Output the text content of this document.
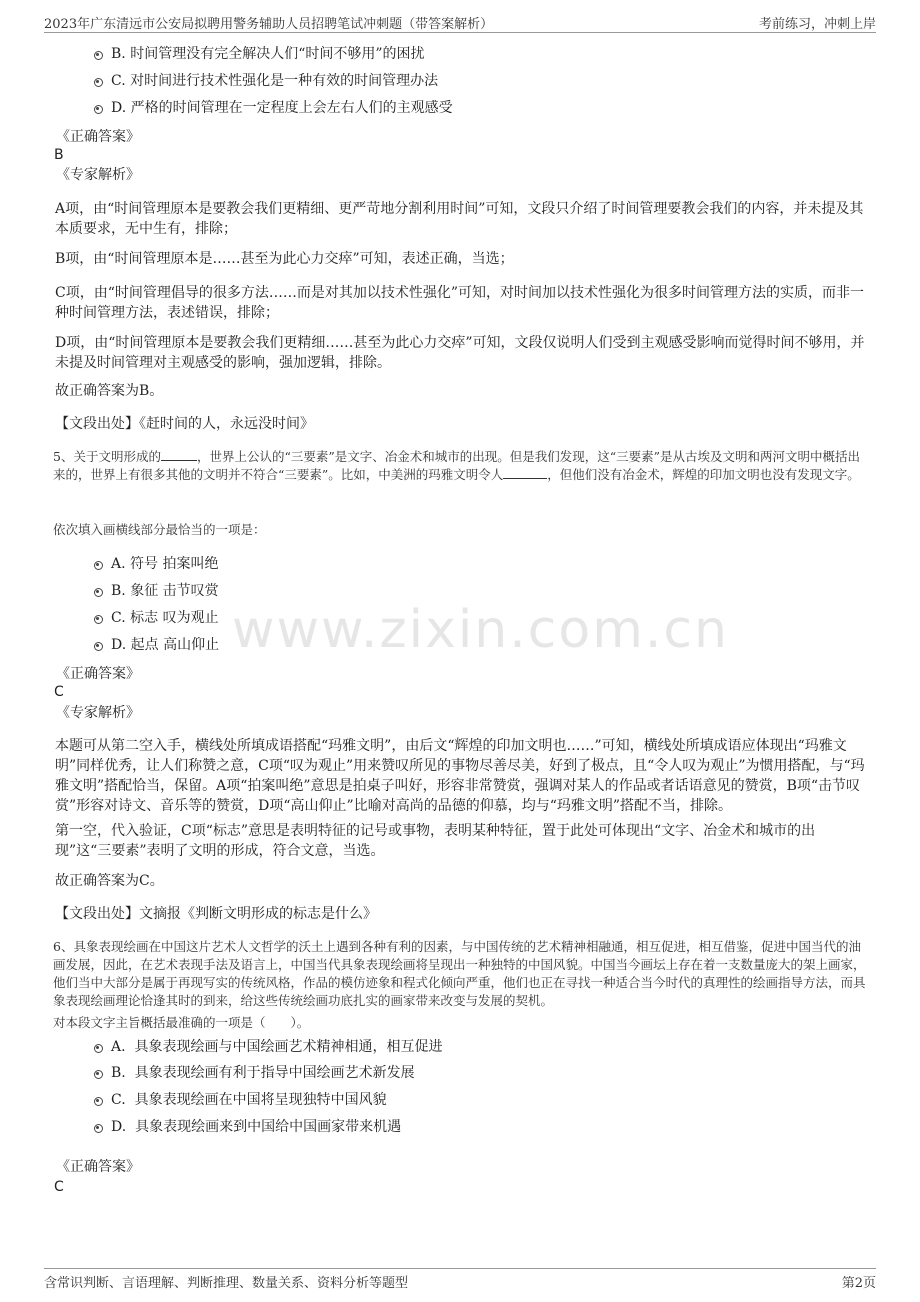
2023年广东清远市公安局拟聘用警务辅助人员招聘笔试冲刺题（带答案解析）	考前练习，冲刺上岸
www.zixin.com.cn
B. 时间管理没有完全解决人们“时间不够用”的困扰
C. 对时间进行技术性强化是一种有效的时间管理办法
D. 严格的时间管理在一定程度上会左右人们的主观感受
《正确答案》
B
《专家解析》
A项，由“时间管理原本是要教会我们更精细、更严苛地分割利用时间”可知，文段只介绍了时间管理要教会我们的内容，并未提及其本质要求，无中生有，排除；
B项，由“时间管理原本是……甚至为此心力交瘁”可知，表述正确，当选；
C项，由“时间管理倡导的很多方法……而是对其加以技术性强化”可知，对时间加以技术性强化为很多时间管理方法的实质，而非一种时间管理方法，表述错误，排除；
D项，由“时间管理原本是要教会我们更精细……甚至为此心力交瘁”可知，文段仅说明人们受到主观感受影响而觉得时间不够用，并未提及时间管理对主观感受的影响，强加逻辑，排除。
故正确答案为B。
【文段出处】《赶时间的人，永远没时间》
5、关于文明形成的	，世界上公认的“三要素”是文字、冶金术和城市的出现。但是我们发现，这“三要素”是从古埃及文明和两河文明中概括出来的，世界上有很多其他的文明并不符合“三要素”。比如，中美洲的玛雅文明令人	，但他们没有冶金术，辉煌的印加文明也没有发现文字。
依次填入画横线部分最恰当的一项是：
A. 符号 拍案叫绝
B. 象征 击节叹赏
C. 标志 叹为观止
D. 起点 高山仰止
《正确答案》
C
《专家解析》
本题可从第二空入手，横线处所填成语搭配“玛雅文明”，由后文“辉煌的印加文明也……”可知，横线处所填成语应体现出“玛雅文明”同样优秀，让人们称赞之意，C项“叹为观止”用来赞叹所见的事物尽善尽美，好到了极点，且“令人叹为观止”为惯用搭配，与“玛雅文明”搭配恰当，保留。A项“拍案叫绝”意思是拍桌子叫好，形容非常赞赏，强调对某人的作品或者话语意见的赞赏，B项“击节叹赏”形容对诗文、音乐等的赞赏，D项“高山仰止”比喻对高尚的品德的仰慕，均与“玛雅文明”搭配不当，排除。
第一空，代入验证，C项“标志”意思是表明特征的记号或事物，表明某种特征，置于此处可体现出“文字、冶金术和城市的出现”这“三要素”表明了文明的形成，符合文意，当选。
故正确答案为C。
【文段出处】文摘报《判断文明形成的标志是什么》
6、具象表现绘画在中国这片艺术人文哲学的沃土上遇到各种有利的因素，与中国传统的艺术精神相融通，相互促进，相互借鉴，促进中国当代的油画发展，因此，在艺术表现手法及语言上，中国当代具象表现绘画将呈现出一种独特的中国风貌。中国当今画坛上存在着一支数量庞大的架上画家，他们当中大部分是属于再现写实的传统风格，作品的模仿迹象和程式化倾向严重，他们也正在寻找一种适合当今时代的真理性的绘画指导方法，而具象表现绘画理论恰逢其时的到来，给这些传统绘画功底扎实的画家带来改变与发展的契机。
对本段文字主旨概括最准确的一项是（　　）。
A. 具象表现绘画与中国绘画艺术精神相通，相互促进
B. 具象表现绘画有利于指导中国绘画艺术新发展
C. 具象表现绘画在中国将呈现独特中国风貌
D. 具象表现绘画来到中国给中国画家带来机遇
《正确答案》
C
含常识判断、言语理解、判断推理、数量关系、资料分析等题型	第2页
